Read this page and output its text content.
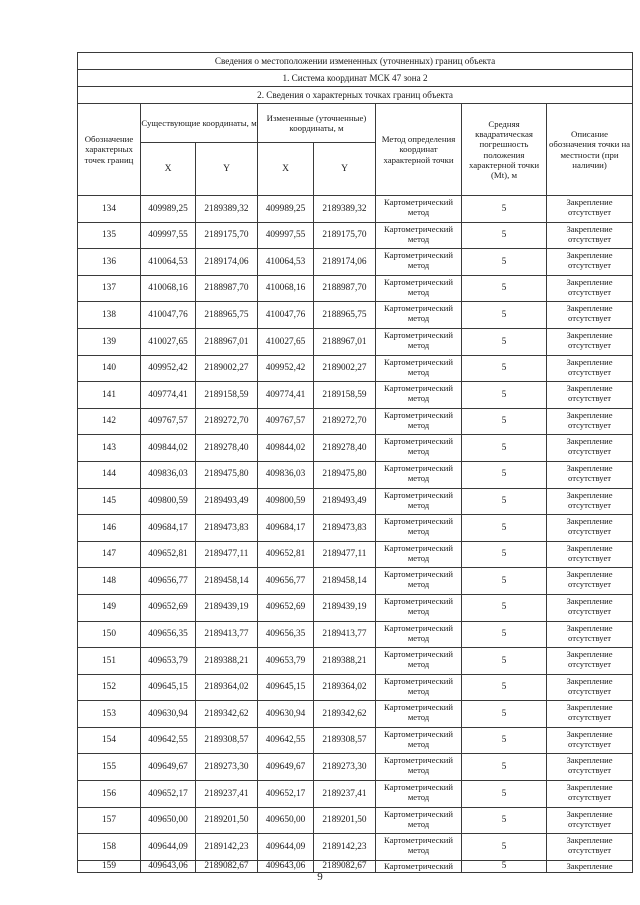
Сведения о местоположении измененных (уточненных) границ объекта							
1. Система координат МСК 47 зона 2							
2. Сведения о характерных точках границ объекта							
Обозначение характерных точек границ	Существующие координаты, м		Измененные (уточненные) координаты, м		Метод определения координат характерной точки	Средняя квадратическая погрешность положения характерной точки (Mt), м	Описание обозначения точки на местности (при наличии)
	X	Y	X	Y			
134	409989,25	2189389,32	409989,25	2189389,32	Картометрический метод	5	Закрепление отсутствует
135	409997,55	2189175,70	409997,55	2189175,70	Картометрический метод	5	Закрепление отсутствует
136	410064,53	2189174,06	410064,53	2189174,06	Картометрический метод	5	Закрепление отсутствует
137	410068,16	2188987,70	410068,16	2188987,70	Картометрический метод	5	Закрепление отсутствует
138	410047,76	2188965,75	410047,76	2188965,75	Картометрический метод	5	Закрепление отсутствует
139	410027,65	2188967,01	410027,65	2188967,01	Картометрический метод	5	Закрепление отсутствует
140	409952,42	2189002,27	409952,42	2189002,27	Картометрический метод	5	Закрепление отсутствует
141	409774,41	2189158,59	409774,41	2189158,59	Картометрический метод	5	Закрепление отсутствует
142	409767,57	2189272,70	409767,57	2189272,70	Картометрический метод	5	Закрепление отсутствует
143	409844,02	2189278,40	409844,02	2189278,40	Картометрический метод	5	Закрепление отсутствует
144	409836,03	2189475,80	409836,03	2189475,80	Картометрический метод	5	Закрепление отсутствует
145	409800,59	2189493,49	409800,59	2189493,49	Картометрический метод	5	Закрепление отсутствует
146	409684,17	2189473,83	409684,17	2189473,83	Картометрический метод	5	Закрепление отсутствует
147	409652,81	2189477,11	409652,81	2189477,11	Картометрический метод	5	Закрепление отсутствует
148	409656,77	2189458,14	409656,77	2189458,14	Картометрический метод	5	Закрепление отсутствует
149	409652,69	2189439,19	409652,69	2189439,19	Картометрический метод	5	Закрепление отсутствует
150	409656,35	2189413,77	409656,35	2189413,77	Картометрический метод	5	Закрепление отсутствует
151	409653,79	2189388,21	409653,79	2189388,21	Картометрический метод	5	Закрепление отсутствует
152	409645,15	2189364,02	409645,15	2189364,02	Картометрический метод	5	Закрепление отсутствует
153	409630,94	2189342,62	409630,94	2189342,62	Картометрический метод	5	Закрепление отсутствует
154	409642,55	2189308,57	409642,55	2189308,57	Картометрический метод	5	Закрепление отсутствует
155	409649,67	2189273,30	409649,67	2189273,30	Картометрический метод	5	Закрепление отсутствует
156	409652,17	2189237,41	409652,17	2189237,41	Картометрический метод	5	Закрепление отсутствует
157	409650,00	2189201,50	409650,00	2189201,50	Картометрический метод	5	Закрепление отсутствует
158	409644,09	2189142,23	409644,09	2189142,23	Картометрический метод	5	Закрепление отсутствует
159	409643,06	2189082,67	409643,06	2189082,67	Картометрический	5	Закрепление
9
